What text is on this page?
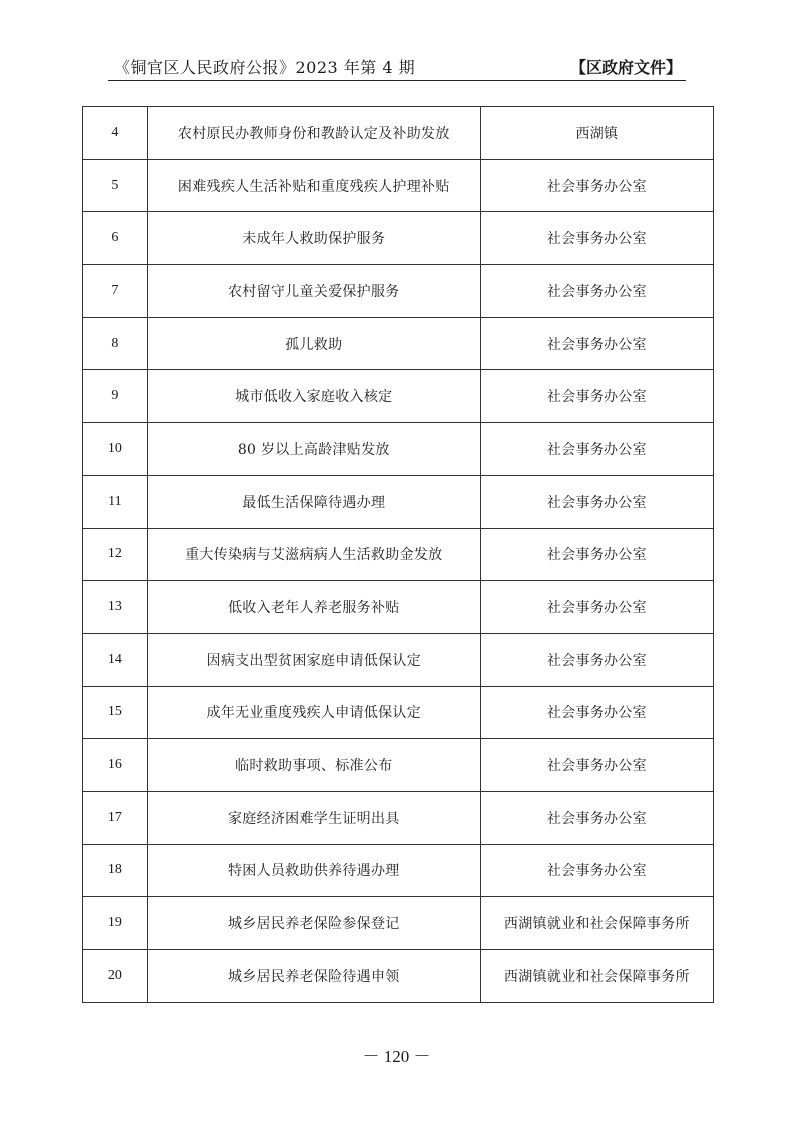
《铜官区人民政府公报》2023 年第 4 期	【区政府文件】
4	农村原民办教师身份和教龄认定及补助发放	西湖镇
5	困难残疾人生活补贴和重度残疾人护理补贴	社会事务办公室
6	未成年人救助保护服务	社会事务办公室
7	农村留守儿童关爱保护服务	社会事务办公室
8	孤儿救助	社会事务办公室
9	城市低收入家庭收入核定	社会事务办公室
10	80 岁以上高龄津贴发放	社会事务办公室
11	最低生活保障待遇办理	社会事务办公室
12	重大传染病与艾滋病病人生活救助金发放	社会事务办公室
13	低收入老年人养老服务补贴	社会事务办公室
14	因病支出型贫困家庭申请低保认定	社会事务办公室
15	成年无业重度残疾人申请低保认定	社会事务办公室
16	临时救助事项、标准公布	社会事务办公室
17	家庭经济困难学生证明出具	社会事务办公室
18	特困人员救助供养待遇办理	社会事务办公室
19	城乡居民养老保险参保登记	西湖镇就业和社会保障事务所
20	城乡居民养老保险待遇申领	西湖镇就业和社会保障事务所
－ 120 －
